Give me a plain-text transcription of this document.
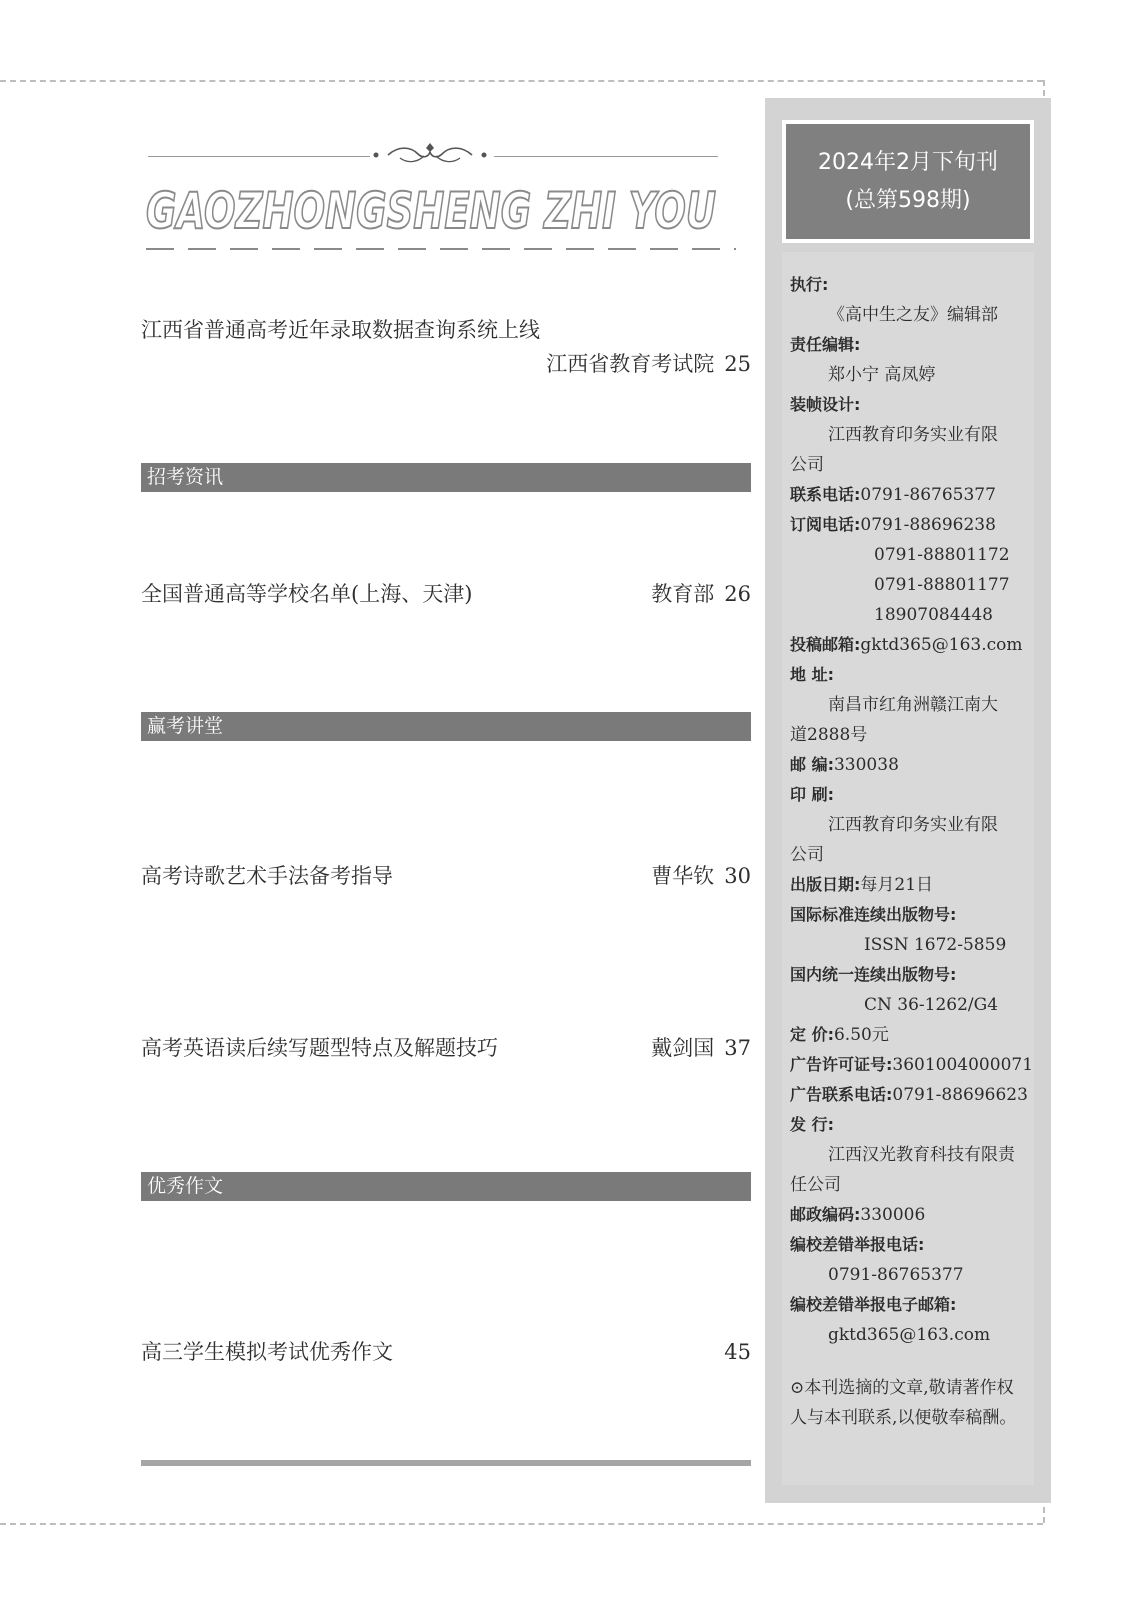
GAOZHONGSHENG ZHI YOU
江西省普通高考近年录取数据查询系统上线
江西省教育考试院 25
招考资讯
全国普通高等学校名单(上海、天津)	教育部 26
赢考讲堂
高考诗歌艺术手法备考指导	曹华钦 30
高考英语读后续写题型特点及解题技巧	戴剑国 37
优秀作文
高三学生模拟考试优秀作文	45
2024年2月下旬刊
(总第598期)
执行:
《高中生之友》编辑部
责任编辑:
郑小宁 高凤婷
装帧设计:
江西教育印务实业有限
公司
联系电话:0791-86765377
订阅电话:0791-88696238
0791-88801172
0791-88801177
18907084448
投稿邮箱:gktd365@163.com
地 址:
南昌市红角洲赣江南大
道2888号
邮 编:330038
印 刷:
江西教育印务实业有限
公司
出版日期:每月21日
国际标准连续出版物号:
ISSN 1672-5859
国内统一连续出版物号:
CN 36-1262/G4
定 价:6.50元
广告许可证号:3601004000071
广告联系电话:0791-88696623
发 行:
江西汉光教育科技有限责
任公司
邮政编码:330006
编校差错举报电话:
0791-86765377
编校差错举报电子邮箱:
gktd365@163.com
⊙本刊选摘的文章,敬请著作权人与本刊联系,以便敬奉稿酬。
